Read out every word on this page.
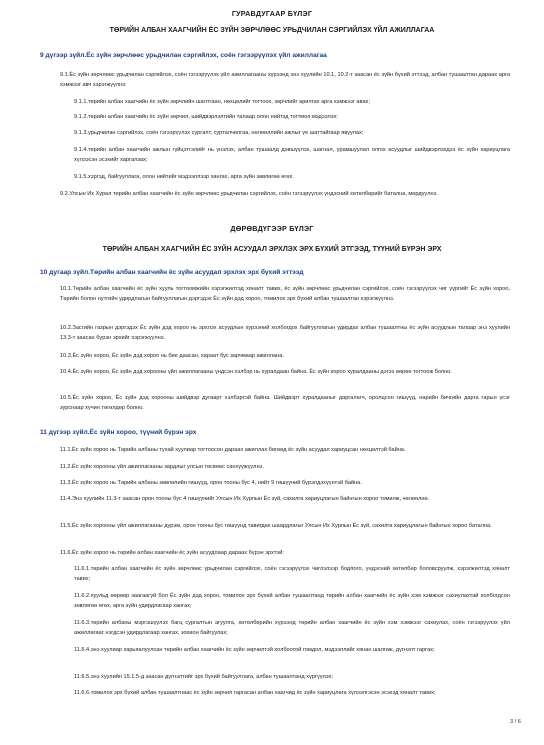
ГУРАВДУГААР БҮЛЭГ
ТӨРИЙН АЛБАН ХААГЧИЙН ЁС ЗҮЙН ЗӨРЧЛӨӨС УРЬДЧИЛАН СЭРГИЙЛЭХ ҮЙЛ АЖИЛЛАГАА
9 дүгээр зүйл.Ёс зүйн зөрчлөөс урьдчилан сэргийлэх, соён гэгээрүүлэх үйл ажиллагаа
9.1.Ёс зүйн зөрчлөөс урьдчилан сэргийлэх, соён гэгээрүүлэх үйл ажиллагааны хүрээнд энэ хуулийн 10.1, 10.2-т заасан ёс зүйн бүхий эттээд, албан тушаалтан дараах арга хэмжээг авч хэрэгжүүлнэ:
9.1.1.төрийн албан хаагчийн ёс зүйн зөрчлийн шалтгаан, нөхцөлийг тогтоох, зөрчлийг арилгах арга хэмжээг авах;
9.1.2.төрийн албан хаагчийн ёс зүйн зөрчил, шийдвэрлэлтийн талаар олон нийтэд тогтмол мэдээлэх;
9.1.3.урьдчилан сэргийлэх, соён гэгээрүүлэх сургалт, сурталчилгаа, нөлөөллийн ажлыг үе шаттайгаар явуулах;
9.1.4.төрийн албан хаагчийн ажлын гүйцэтгэлийг нь үнэлэх, албан тушаалд дэвшүүлэх, шагнал, урамшуулал олгох асуудлыг шийдвэрлэхдээ ёс зүйн хариуцлага хүлээсэн эсэхийг харгалзах;
9.1.5.хэргэд, байгууллага, олон нийтийг мэдээллээр хангах, арга зүйн зөвлөгөө өгөх.
9.2.Улсын Их Хурал төрийн албан хаагчийн ёс зүйн зөрчлөөс урьдчилан сэргийлэх, соён гэгээрүүлэх үндэсний хөтөлбөрийг батална, мөрдүүлнэ.
ДӨРӨВДҮГЭЭР БҮЛЭГ
ТӨРИЙН АЛБАН ХААГЧИЙН ЁС ЗҮЙН АСУУДАЛ ЭРХЛЭХ ЭРХ БҮХИЙ ЭТГЭЭД, ТҮҮНИЙ БҮРЭН ЭРХ
10 дугаар зүйл.Төрийн албан хаагчийн ёс зүйн асуудал эрхлэх эрх бүхий эттээд
10.1.Төрийн албан хаагчийн ёс зүйн хууль тогтоомжийн хэрэгжилтэд хяналт тавих, ёс зүйн зөрчлөөс урьдчилан сэргийлэх, соён гэгээрүүлэх чиг үүргийг Ёс зүйн хороо, Төрийн болон нутгийн удирдлагын байгууллагын дэргэдэх Ёс зүйн дэд хороо, томилох эрх бүхий албан тушаалтан хэрэгжүүлнэ.
10.2.Засгийн газрын дэргэдэх Ёс зүйн дэд хороо нь эрхлэх асуудлын хүрээний холбогдох байгууллагын удирдах албан тушаалтны ёс зүйн асуудлын талаар энэ хуулийн 13.3-т заасан бүрэн эрхийг хэрэгжүүлнэ.
10.3.Ёс зүйн хороо, Ёс зүйн дэд хороо нь бие даасан, хараат бус зарчмаар ажиллана.
10.4.Ёс зүйн хороо, Ёс зүйн дэд хорооны үйл ажиллагааны үндсэн хэлбэр нь хуралдаан байна. Ёс зүйн хороо хуралдааны дэгээ өөрөө тогтоож болно.
10.5.Ёс зүйн хороо, Ёс зүйн дэд хорооны шийдвэр дугаарт хэлбэртэй байна. Шийдвэрт хуралдааныг даргалагч, оролцсон гишүүд, нарийн бичгийн дарга гарын үсэг зурснаар хүчин төгөлдөр болно.
11 дүгээр зүйл.Ёс зүйн хороо, түүний бүрэн эрх
11.1.Ёс зүйн хороо нь Төрийн албаны тухай хуулиар тогтоосон дараах ажиллах бөгөөд ёс зүйн асуудал хариуцсан нөхцөлтэй байна.
11.2.Ёс зүйн хорооны үйл ажиллагааны зардлыг улсын төсвөөс санхүүжүүлнэ.
11.3.Ёс зүйн хороо нь Төрийн албаны зөвлөлийн гишүүд, орон тооны бус 4, нийт 9 гишүүний бүрэлдэхүүнтэй байна.
11.4.Энэ хуулийн 11.3-т заасан орон тооны бус 4 гишүүнийг Улсын Их Хурлын Ёс зүй, сахилга хариуцлагын байнгын хороо томилж, чөлөөлнө.
11.5.Ёс зүйн хорооны үйл ажиллагааны дүрэм, орон тооны бус гишүүнд тавигдах шаардлагыг Улсын Их Хурлын Ёс зүй, сахилга хариуцлагын байнгын хороо батална.
11.6.Ёс зүйн хороо нь төрийн албан хаагчийн ёс зүйн асуудлаар дараах бүрэн эрхтэй:
11.6.1.төрийн албан хаагчийн ёс зүйн зөрчлөөс урьдчилан сэргийлэх, соён гэгээрүүлэх чиглэлээр бодлого, үндэсний хөтөлбөр боловсруулж, хэрэгжилтэд хяналт тавих;
11.6.2.хуульд өөрөөр заагаагүй бол Ёс зүйн дэд хороо, томилох эрх бүхий албан тушаалтанд төрийн албан хаагчийн ёс зүйн хэм хэмжээг сахиулахтай холбогдсон зөвлөгөө өгөх, арга зүйн удирдлагаар хангах;
11.6.3.төрийн албаны мэргэшүүлэх багц сургалтын агуулга, хөтөлбөрийн хүрээнд төрийн албан хаагчийн ёс зүйн хэм хэмжээг сахиулах, соён гэгээрүүлэх үйл ажиллагааг нэгдсэн удирдлагаар хангах, зохион байгуулах;
11.6.4.энэ хуулиар харьяалуулсан төрийн албан хаагчийн ёс зүйн зөрчилтэй холбоотой гомдол, мэдээллийг хянан шалгаж, дүгнэлт гаргах;
11.6.5.энэ хуулийн 15.1.5-д заасан дүгнэлтийг эрх бүхий байгууллага, албан тушаалтанд хүргүүлэх;
11.6.6.томилох эрх бүхий албан тушаалтнаас ёс зүйн зөрчил гаргасан албан хаагчид ёс зүйн хариуцлага хүлээлгэсэн эсэхэд хяналт тавих;
3 / 6
